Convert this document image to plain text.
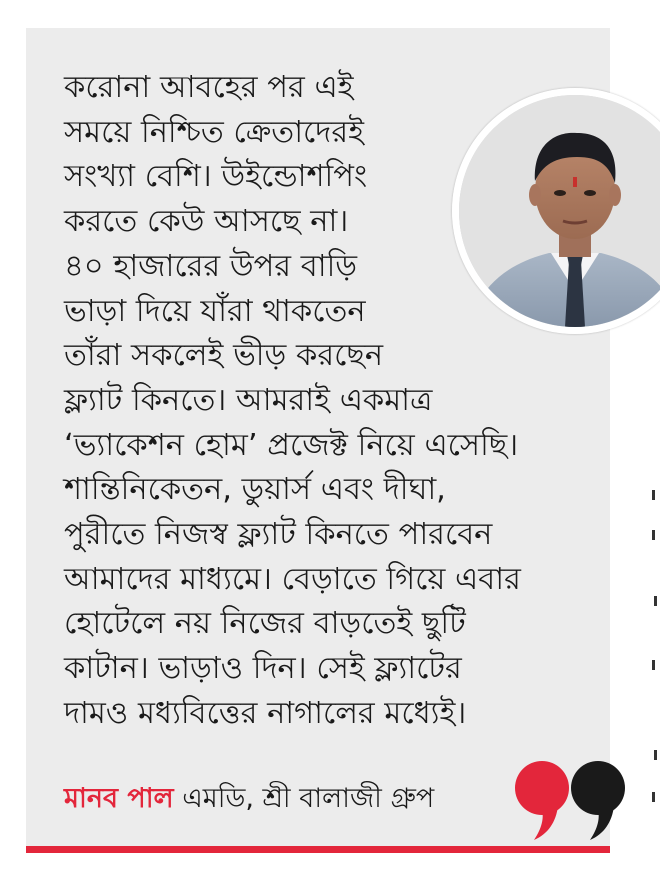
করোনা আবহের পর এই
সময়ে নিশ্চিত ক্রেতাদেরই
সংখ্যা বেশি। উইন্ডোশপিং
করতে কেউ আসছে না।
৪০ হাজারের উপর বাড়ি
ভাড়া দিয়ে যাঁরা থাকতেন
তাঁরা সকলেই ভীড় করছেন
ফ্ল্যাট কিনতে। আমরাই একমাত্র
‘ভ্যাকেশন হোম’ প্রজেক্ট নিয়ে এসেছি।
শান্তিনিকেতন, ডুয়ার্স এবং দীঘা,
পুরীতে নিজস্ব ফ্ল্যাট কিনতে পারবেন
আমাদের মাধ্যমে। বেড়াতে গিয়ে এবার
হোটেলে নয় নিজের বাড়তেই ছুটি
কাটান। ভাড়াও দিন। সেই ফ্ল্যাটের
দামও মধ্যবিত্তের নাগালের মধ্যেই।
মানব পাল এমডি, শ্রী বালাজী গ্রুপ
